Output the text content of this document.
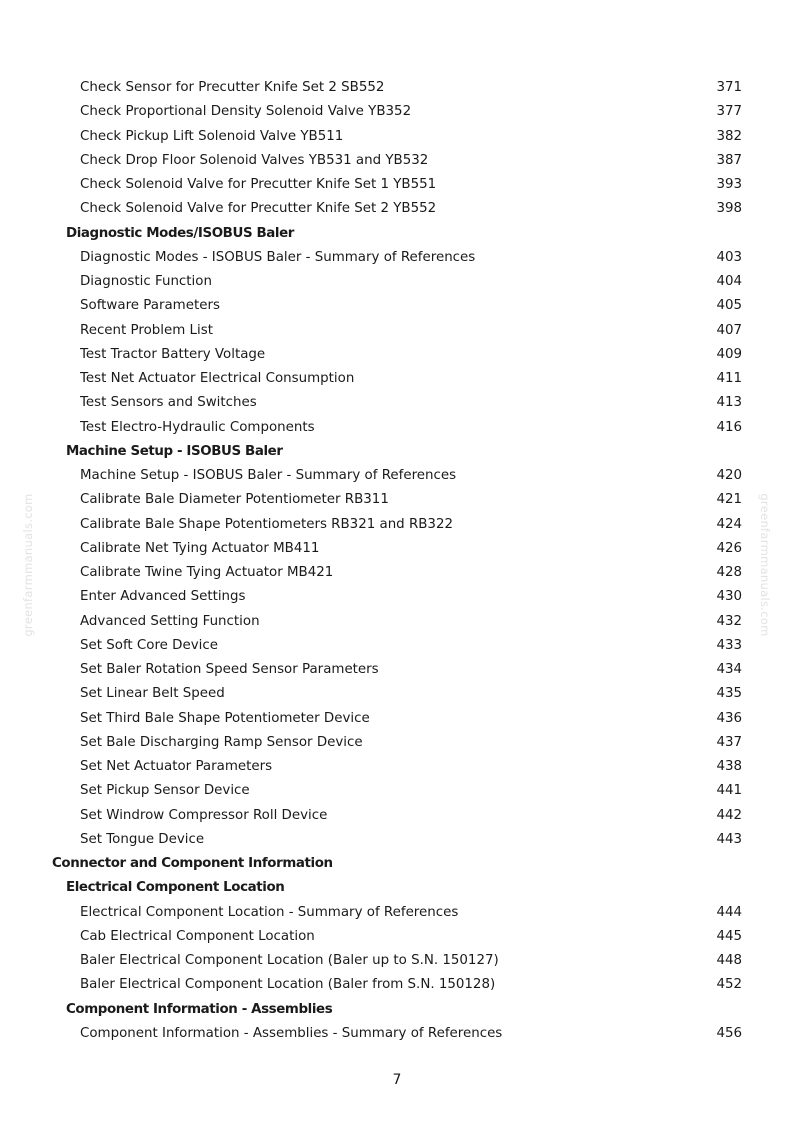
Check Sensor for Precutter Knife Set 2 SB552	371
Check Proportional Density Solenoid Valve YB352	377
Check Pickup Lift Solenoid Valve YB511	382
Check Drop Floor Solenoid Valves YB531 and YB532	387
Check Solenoid Valve for Precutter Knife Set 1 YB551	393
Check Solenoid Valve for Precutter Knife Set 2 YB552	398
Diagnostic Modes/ISOBUS Baler
Diagnostic Modes - ISOBUS Baler - Summary of References	403
Diagnostic Function	404
Software Parameters	405
Recent Problem List	407
Test Tractor Battery Voltage	409
Test Net Actuator Electrical Consumption	411
Test Sensors and Switches	413
Test Electro-Hydraulic Components	416
Machine Setup - ISOBUS Baler
Machine Setup - ISOBUS Baler - Summary of References	420
Calibrate Bale Diameter Potentiometer RB311	421
Calibrate Bale Shape Potentiometers RB321 and RB322	424
Calibrate Net Tying Actuator MB411	426
Calibrate Twine Tying Actuator MB421	428
Enter Advanced Settings	430
Advanced Setting Function	432
Set Soft Core Device	433
Set Baler Rotation Speed Sensor Parameters	434
Set Linear Belt Speed	435
Set Third Bale Shape Potentiometer Device	436
Set Bale Discharging Ramp Sensor Device	437
Set Net Actuator Parameters	438
Set Pickup Sensor Device	441
Set Windrow Compressor Roll Device	442
Set Tongue Device	443
Connector and Component Information
Electrical Component Location
Electrical Component Location - Summary of References	444
Cab Electrical Component Location	445
Baler Electrical Component Location (Baler up to S.N. 150127)	448
Baler Electrical Component Location (Baler from S.N. 150128)	452
Component Information - Assemblies
Component Information - Assemblies - Summary of References	456
greenfarmmanuals.com	greenfarmmanuals.com
7
